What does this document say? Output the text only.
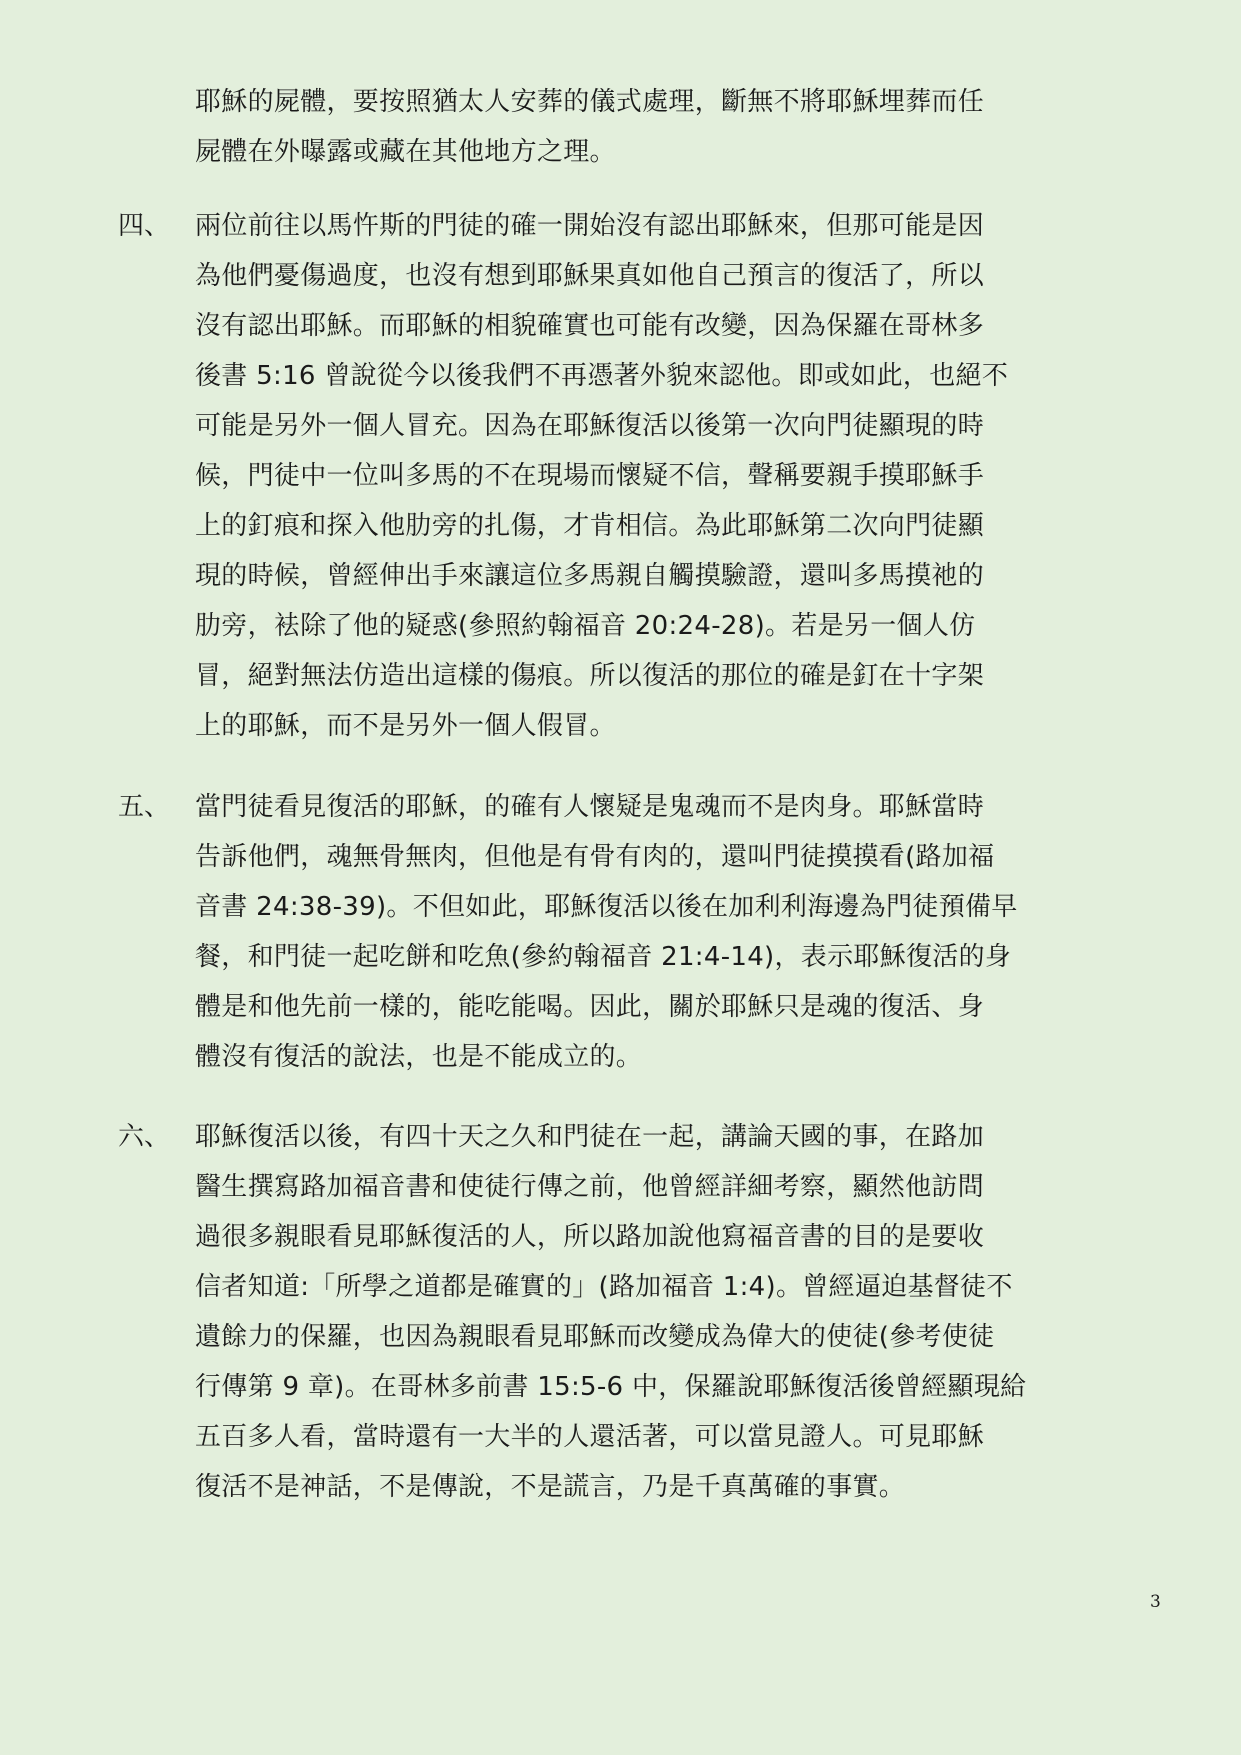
耶穌的屍體，要按照猶太人安葬的儀式處理，斷無不將耶穌埋葬而任
屍體在外曝露或藏在其他地方之理。
四、 兩位前往以馬忤斯的門徒的確一開始沒有認出耶穌來，但那可能是因
為他們憂傷過度，也沒有想到耶穌果真如他自己預言的復活了，所以
沒有認出耶穌。而耶穌的相貌確實也可能有改變，因為保羅在哥林多
後書 5:16 曾說從今以後我們不再憑著外貌來認他。即或如此，也絕不
可能是另外一個人冒充。因為在耶穌復活以後第一次向門徒顯現的時
候，門徒中一位叫多馬的不在現場而懷疑不信，聲稱要親手摸耶穌手
上的釘痕和探入他肋旁的扎傷，才肯相信。為此耶穌第二次向門徒顯
現的時候，曾經伸出手來讓這位多馬親自觸摸驗證，還叫多馬摸祂的
肋旁，袪除了他的疑惑(參照約翰福音 20:24-28)。若是另一個人仿
冒，絕對無法仿造出這樣的傷痕。所以復活的那位的確是釘在十字架
上的耶穌，而不是另外一個人假冒。
五、 當門徒看見復活的耶穌，的確有人懷疑是鬼魂而不是肉身。耶穌當時
告訴他們，魂無骨無肉，但他是有骨有肉的，還叫門徒摸摸看(路加福
音書 24:38-39)。不但如此，耶穌復活以後在加利利海邊為門徒預備早
餐，和門徒一起吃餅和吃魚(參約翰福音 21:4-14)，表示耶穌復活的身
體是和他先前一樣的，能吃能喝。因此，關於耶穌只是魂的復活、身
體沒有復活的說法，也是不能成立的。
六、 耶穌復活以後，有四十天之久和門徒在一起，講論天國的事，在路加
醫生撰寫路加福音書和使徒行傳之前，他曾經詳細考察，顯然他訪問
過很多親眼看見耶穌復活的人，所以路加說他寫福音書的目的是要收
信者知道:「所學之道都是確實的」(路加福音 1:4)。曾經逼迫基督徒不
遺餘力的保羅，也因為親眼看見耶穌而改變成為偉大的使徒(參考使徒
行傳第 9 章)。在哥林多前書 15:5-6 中，保羅說耶穌復活後曾經顯現給
五百多人看，當時還有一大半的人還活著，可以當見證人。可見耶穌
復活不是神話，不是傳說，不是謊言，乃是千真萬確的事實。
3
